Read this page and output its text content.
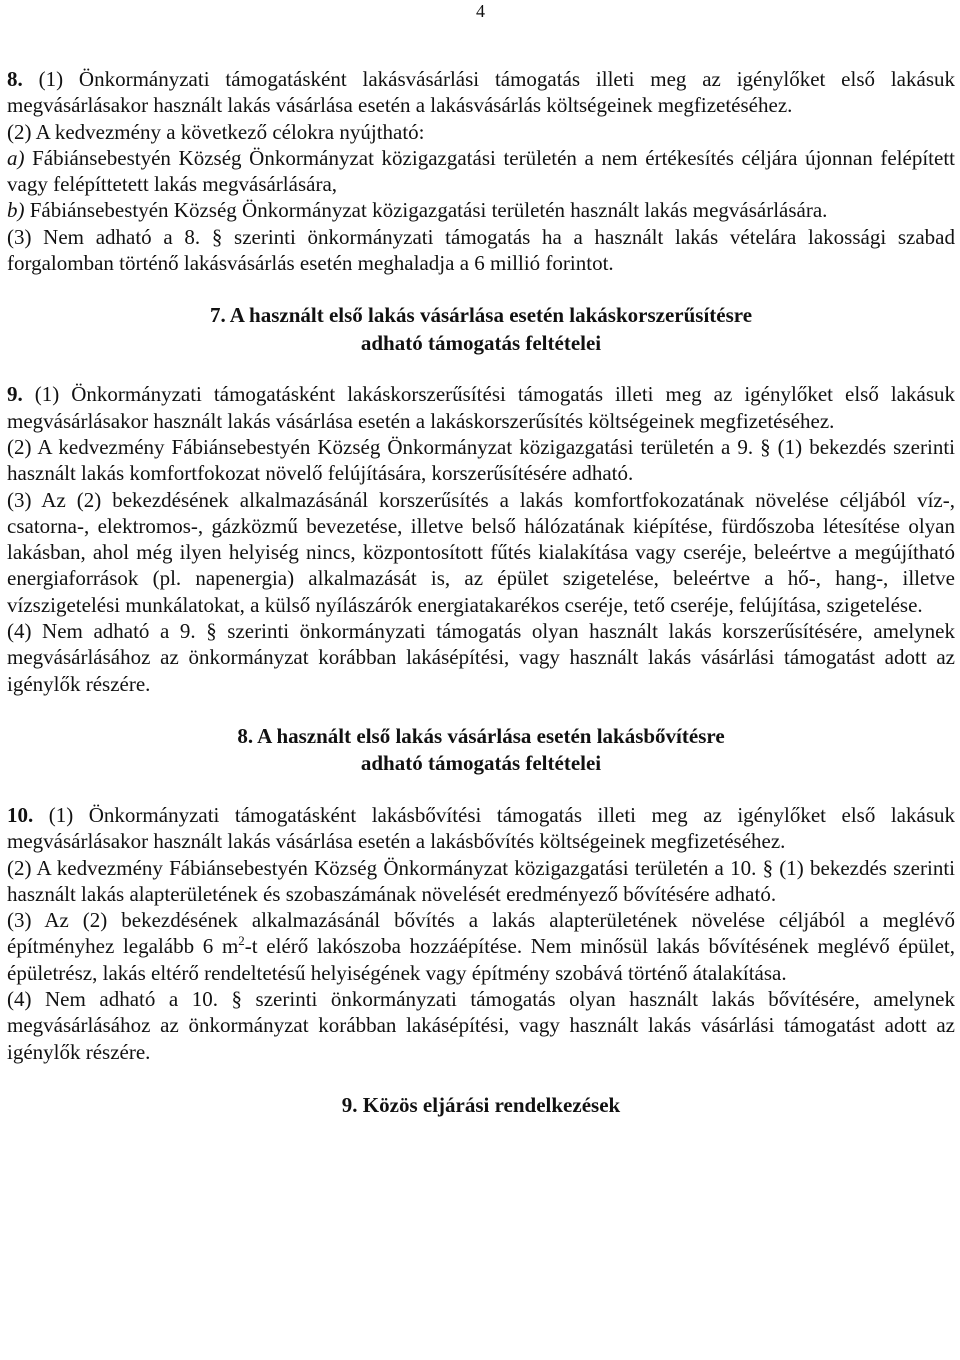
4

8. (1) Önkormányzati támogatásként lakásvásárlási támogatás illeti meg az igénylőket első lakásuk megvásárlásakor használt lakás vásárlása esetén a lakásvásárlás költségeinek megfizetéséhez.

(2) A kedvezmény a következő célokra nyújtható:

a) Fábiánsebestyén Község Önkormányzat közigazgatási területén a nem értékesítés céljára újonnan felépített vagy felépíttetett lakás megvásárlására,

b) Fábiánsebestyén Község Önkormányzat közigazgatási területén használt lakás megvásárlására.

(3) Nem adható a 8. § szerinti önkormányzati támogatás ha a használt lakás vételára lakossági szabad forgalomban történő lakásvásárlás esetén meghaladja a 6 millió forintot.

7. A használt első lakás vásárlása esetén lakáskorszerűsítésre
adható támogatás feltételei

9. (1) Önkormányzati támogatásként lakáskorszerűsítési támogatás illeti meg az igénylőket első lakásuk megvásárlásakor használt lakás vásárlása esetén a lakáskorszerűsítés költségeinek megfizetéséhez.

(2) A kedvezmény Fábiánsebestyén Község Önkormányzat közigazgatási területén a 9. § (1) bekezdés szerinti használt lakás komfortfokozat növelő felújítására, korszerűsítésére adható.

(3) Az (2) bekezdésének alkalmazásánál korszerűsítés a lakás komfortfokozatának növelése céljából víz-, csatorna-, elektromos-, gázközmű bevezetése, illetve belső hálózatának kiépítése, fürdőszoba létesítése olyan lakásban, ahol még ilyen helyiség nincs, központosított fűtés kialakítása vagy cseréje, beleértve a megújítható energiaforrások (pl. napenergia) alkalmazását is, az épület szigetelése, beleértve a hő-, hang-, illetve vízszigetelési munkálatokat, a külső nyílászárók energiatakarékos cseréje, tető cseréje, felújítása, szigetelése.

(4) Nem adható a 9. § szerinti önkormányzati támogatás olyan használt lakás korszerűsítésére, amelynek megvásárlásához az önkormányzat korábban lakásépítési, vagy használt lakás vásárlási támogatást adott az igénylők részére.

8. A használt első lakás vásárlása esetén lakásbővítésre
adható támogatás feltételei

10. (1) Önkormányzati támogatásként lakásbővítési támogatás illeti meg az igénylőket első lakásuk megvásárlásakor használt lakás vásárlása esetén a lakásbővítés költségeinek megfizetéséhez.

(2) A kedvezmény Fábiánsebestyén Község Önkormányzat közigazgatási területén a 10. § (1) bekezdés szerinti használt lakás alapterületének és szobaszámának növelését eredményező bővítésére adható.

(3) Az (2) bekezdésének alkalmazásánál bővítés a lakás alapterületének növelése céljából a meglévő építményhez legalább 6 $m^2-t$ elérő lakószoba hozzáépítése. Nem minősül lakás bővítésének meglévő épület, épületrész, lakás eltérő rendeltetésű helyiségének vagy építmény szobává történő átalakítása.

(4) Nem adható a 10. § szerinti önkormányzati támogatás olyan használt lakás bővítésére, amelynek megvásárlásához az önkormányzat korábban lakásépítési, vagy használt lakás vásárlási támogatást adott az igénylők részére.

9. Közös eljárási rendelkezések
